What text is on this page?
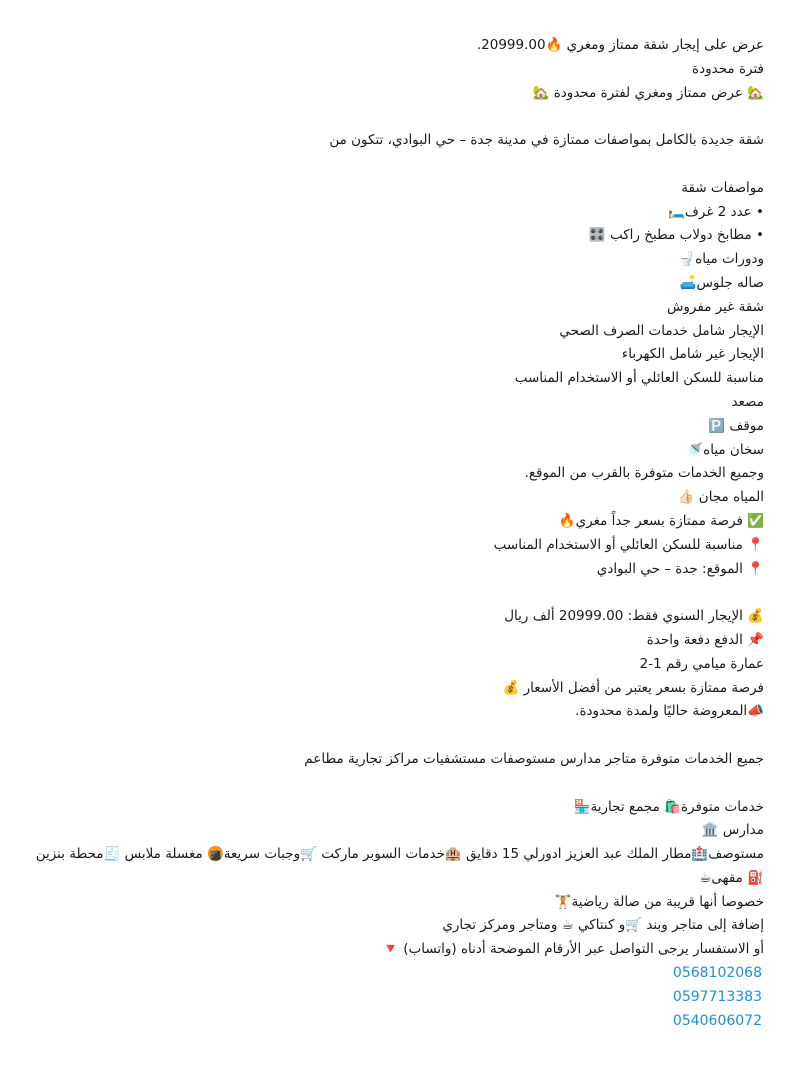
عرض على إيجار شقة ممتاز ومغري 🔥20999.00.
فترة محدودة
🏡 عرض ممتاز ومغري لفترة محدودة 🏡
شقة جديدة بالكامل بمواصفات ممتازة في مدينة جدة – حي البوادي، تتكون من
مواصفات شقة
• عدد 2 غرف🛏️
• مطابخ دولاب مطبخ راكب 🎛️
ودورات مياه🚽
صاله جلوس🛋️
شقة غير مفروش
الإيجار شامل خدمات الصرف الصحي
الإيجار غير شامل الكهرباء
مناسبة للسكن العائلي أو الاستخدام المناسب
مصعد
موقف 🅿️
سخان مياه🚿
وجميع الخدمات متوفرة بالقرب من الموقع.
المياه مجان 👍🏻
✅ فرصة ممتازة بسعر جداً مغري🔥
📍 مناسبة للسكن العائلي أو الاستخدام المناسب
📍 الموقع: جدة – حي البوادي
💰 الإيجار السنوي فقط: 20999.00 ألف ريال
📌 الدفع دفعة واحدة
عمارة ميامي رقم 1-2
فرصة ممتازة بسعر يعتبر من أفضل الأسعار 💰
📣المعروضة حاليًا ولمدة محدودة.
جميع الخدمات متوفرة متاجر مدارس مستوصفات مستشفيات مراكز تجارية مطاعم
خدمات متوفرة🛍️ مجمع تجارية🏪
مدارس 🏛️
مستوصف🏥مطار الملك عبد العزيز ادورلي 15 دقايق 🏨خدمات السوبر ماركت 🛒وجبات سريعة🍘 مغسلة ملابس 🧾محطة بنزين⛽ مقهى☕
خصوصا أنها قريبة من صالة رياضية🏋️
إضافة إلى متاجر وبند 🛒و كنتاكي ☕ ومتاجر ومركز تجاري
أو الاستفسار يرجى التواصل عبر الأرقام الموضحة أدناه (واتساب) 🔻
0568102068
0597713383
0540606072
